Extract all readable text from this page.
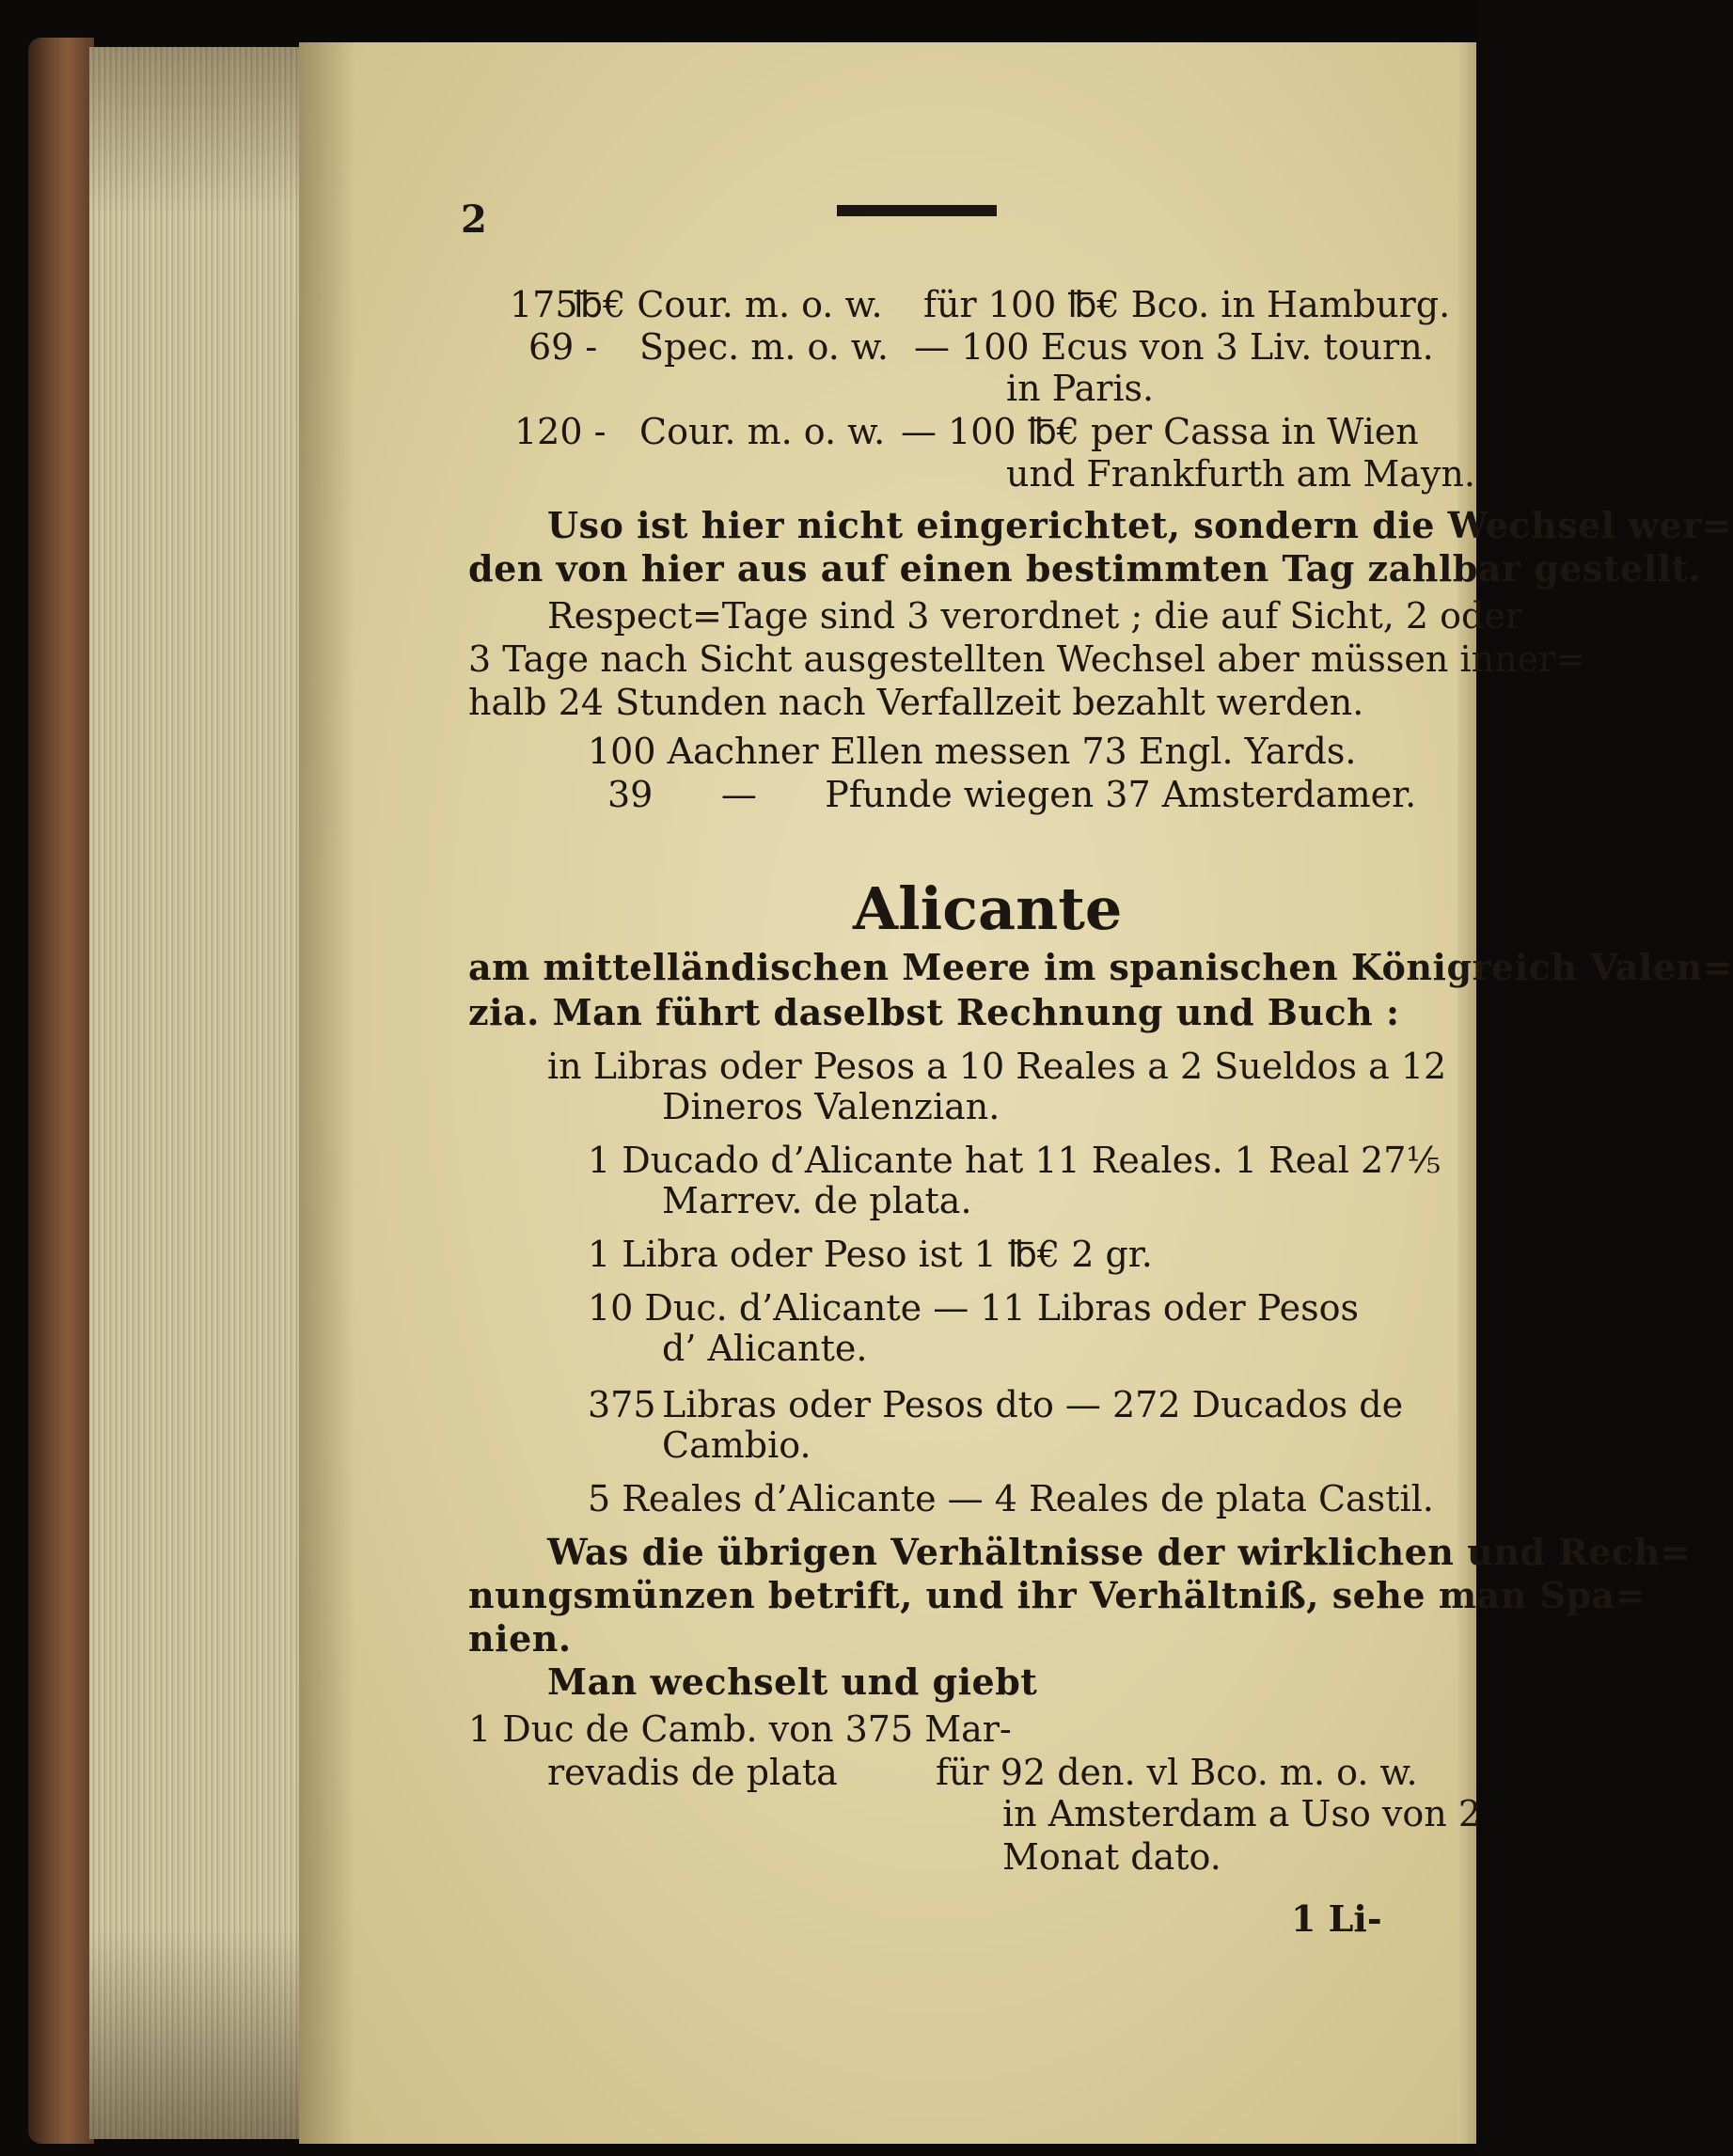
2
175
℔€ Cour. m. o. w. für 100 ℔€ Bco. in Hamburg.
69 - Spec. m. o. w. — 100 Ecus von 3 Liv. tourn.
in Paris.
120 - Cour. m. o. w. — 100 ℔€ per Cassa in Wien
und Frankfurth am Mayn.
Uso ist hier nicht eingerichtet, sondern die Wechsel wer=
den von hier aus auf einen bestimmten Tag zahlbar gestellt.
Respect=Tage sind 3 verordnet ; die auf Sicht, 2 oder
3 Tage nach Sicht ausgestellten Wechsel aber müssen inner=
halb 24 Stunden nach Verfallzeit bezahlt werden.
100 Aachner Ellen messen 73 Engl. Yards.
39      —      Pfunde wiegen 37 Amsterdamer.
Alicante
am mittelländischen Meere im spanischen Königreich Valen=
zia. Man führt daselbst Rechnung und Buch :
in Libras oder Pesos a 10 Reales a 2 Sueldos a 12
Dineros Valenzian.
1 Ducado d’Alicante hat 11 Reales. 1 Real 27⅕
Marrev. de plata.
1 Libra oder Peso ist 1 ℔€ 2 gr.
10 Duc. d’Alicante — 11 Libras oder Pesos
d’ Alicante.
375 Libras oder Pesos dto — 272 Ducados de
Cambio.
5 Reales d’Alicante — 4 Reales de plata Castil.
Was die übrigen Verhältnisse der wirklichen und Rech=
nungsmünzen betrift, und ihr Verhältniß, sehe man Spa=
nien.
Man wechselt und giebt
1 Duc de Camb. von 375 Mar-
revadis de plata	für 92 den. vl Bco. m. o. w.
in Amsterdam a Uso von 2
Monat dato.
1 Li-
